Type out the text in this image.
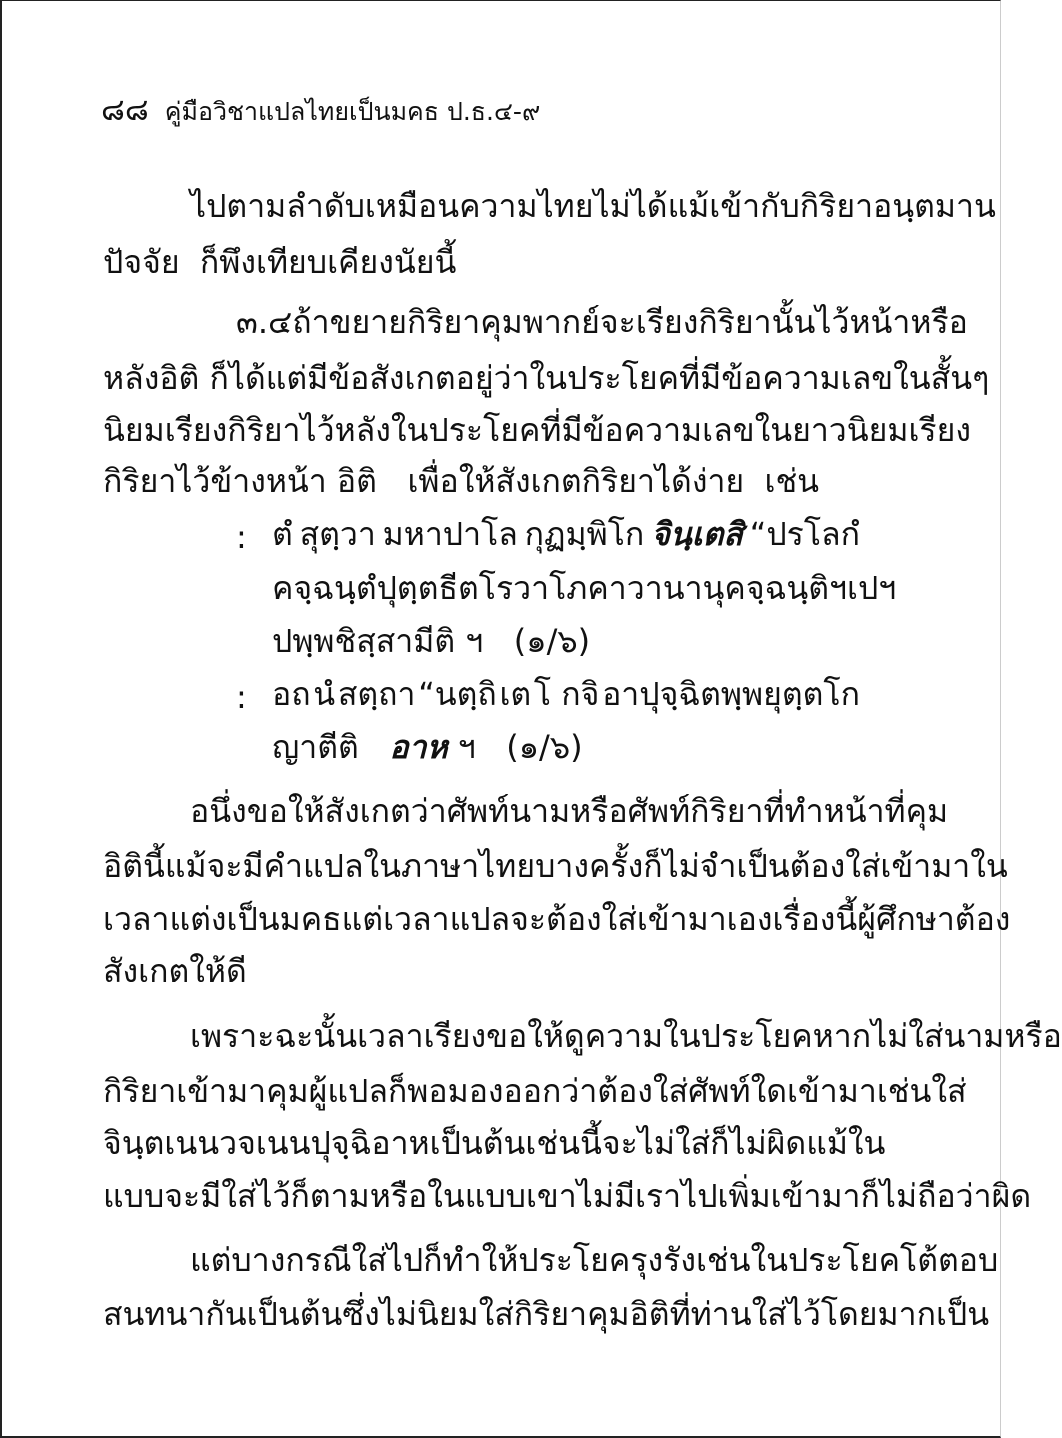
๘๘ คู่มือวิชาแปลไทยเป็นมคธ ป.ธ.๔-๙
ไปตามลำดับเหมือนความไทยไม่ได้ แม้เข้ากับกิริยา อนฺต มาน
ปัจจัย ก็พึงเทียบเคียงนัยนี้
๓.๔ ถ้าขยายกิริยาคุมพากย์ จะเรียงกิริยานั้นไว้หน้าหรือ
หลัง อิติ ก็ได้ แต่มีข้อสังเกตอยู่ว่า ในประโยคที่มีข้อความเลขในสั้นๆ
นิยมเรียงกิริยาไว้หลัง ในประโยคที่มีข้อความเลขในยาว นิยมเรียง
กิริยาไว้ข้างหน้า อิติ เพื่อให้สังเกตกิริยาได้ง่าย เช่น
: ตํ สุตฺวา มหาปาโล กุฏมฺพิโก จินฺเตสิ “ปรโลกํ
คจฺฉนฺตํ ปุตฺตธีตโร วา โภคา วา นานุคจฺฉนฺติ ฯเปฯ
ปพฺพชิสฺสามีติ ฯ (๑/๖)
: อถ นํ สตฺถา “นตฺถิ เต โ กจิ อาปุจฺฉิตพฺพยุตฺตโก
ญาตีติ อาห ฯ (๑/๖)
อนึ่ง ขอให้สังเกตว่าศัพท์นาม หรือศัพท์กิริยาที่ทำหน้าที่คุม
อิติ นี้แม้จะมีคำแปลในภาษาไทย บางครั้งก็ไม่จำเป็นต้องใส่เข้ามาใน
เวลาแต่งเป็นมคธ แต่เวลาแปลจะต้องใส่เข้ามาเอง เรื่องนี้ผู้ศึกษาต้อง
สังเกตให้ดี
เพราะฉะนั้นเวลาเรียงขอให้ดูความในประโยค หากไม่ใส่นามหรือ
กิริยาเข้ามาคุม ผู้แปลก็พอมองออกว่าต้องใส่ศัพท์ใดเข้ามา เช่น ใส่
จินฺตเนน วจเนน ปุจฺฉิ อาห เป็นต้น เช่นนี้จะไม่ใส่ก็ไม่ผิด แม้ใน
แบบจะมีใส่ไว้ก็ตาม หรือในแบบเขาไม่มี เราไปเพิ่มเข้ามาก็ไม่ถือว่าผิด
แต่บางกรณีใส่ไปก็ทำให้ประโยครุงรัง เช่นในประโยคโต้ตอบ
สนทนากัน เป็นต้น ซึ่งไม่นิยมใส่กิริยาคุม อิติ ที่ท่านใส่ไว้โดยมากเป็น
